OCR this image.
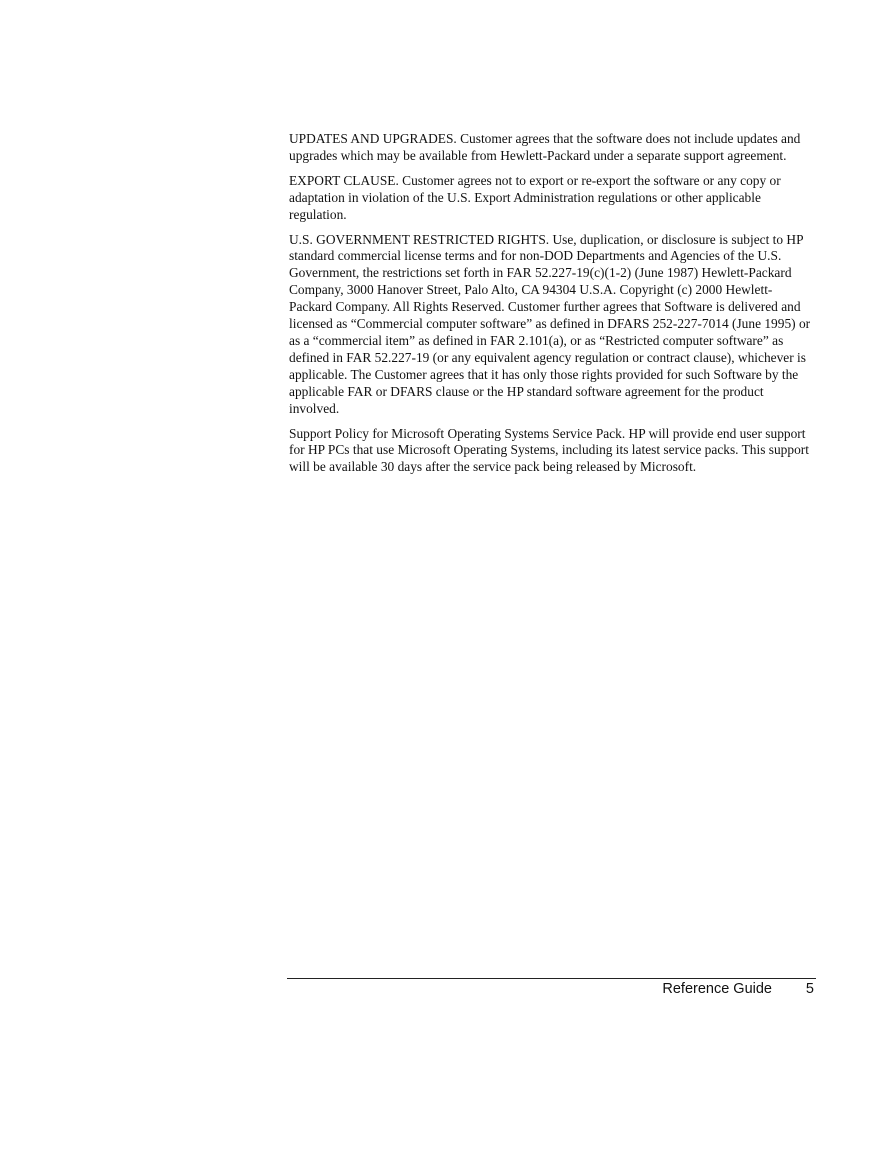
UPDATES AND UPGRADES. Customer agrees that the software does not include updates and upgrades which may be available from Hewlett-Packard under a separate support agreement.

EXPORT CLAUSE. Customer agrees not to export or re-export the software or any copy or adaptation in violation of the U.S. Export Administration regulations or other applicable regulation.

U.S. GOVERNMENT RESTRICTED RIGHTS. Use, duplication, or disclosure is subject to HP standard commercial license terms and for non-DOD Departments and Agencies of the U.S. Government, the restrictions set forth in FAR 52.227-19(c)(1-2) (June 1987) Hewlett-Packard Company, 3000 Hanover Street, Palo Alto, CA 94304 U.S.A. Copyright (c) 2000 Hewlett-Packard Company. All Rights Reserved. Customer further agrees that Software is delivered and licensed as “Commercial computer software” as defined in DFARS 252-227-7014 (June 1995) or as a “commercial item” as defined in FAR 2.101(a), or as “Restricted computer software” as defined in FAR 52.227-19 (or any equivalent agency regulation or contract clause), whichever is applicable. The Customer agrees that it has only those rights provided for such Software by the applicable FAR or DFARS clause or the HP standard software agreement for the product involved.

Support Policy for Microsoft Operating Systems Service Pack. HP will provide end user support for HP PCs that use Microsoft Operating Systems, including its latest service packs. This support will be available 30 days after the service pack being released by Microsoft.

Reference Guide 5
